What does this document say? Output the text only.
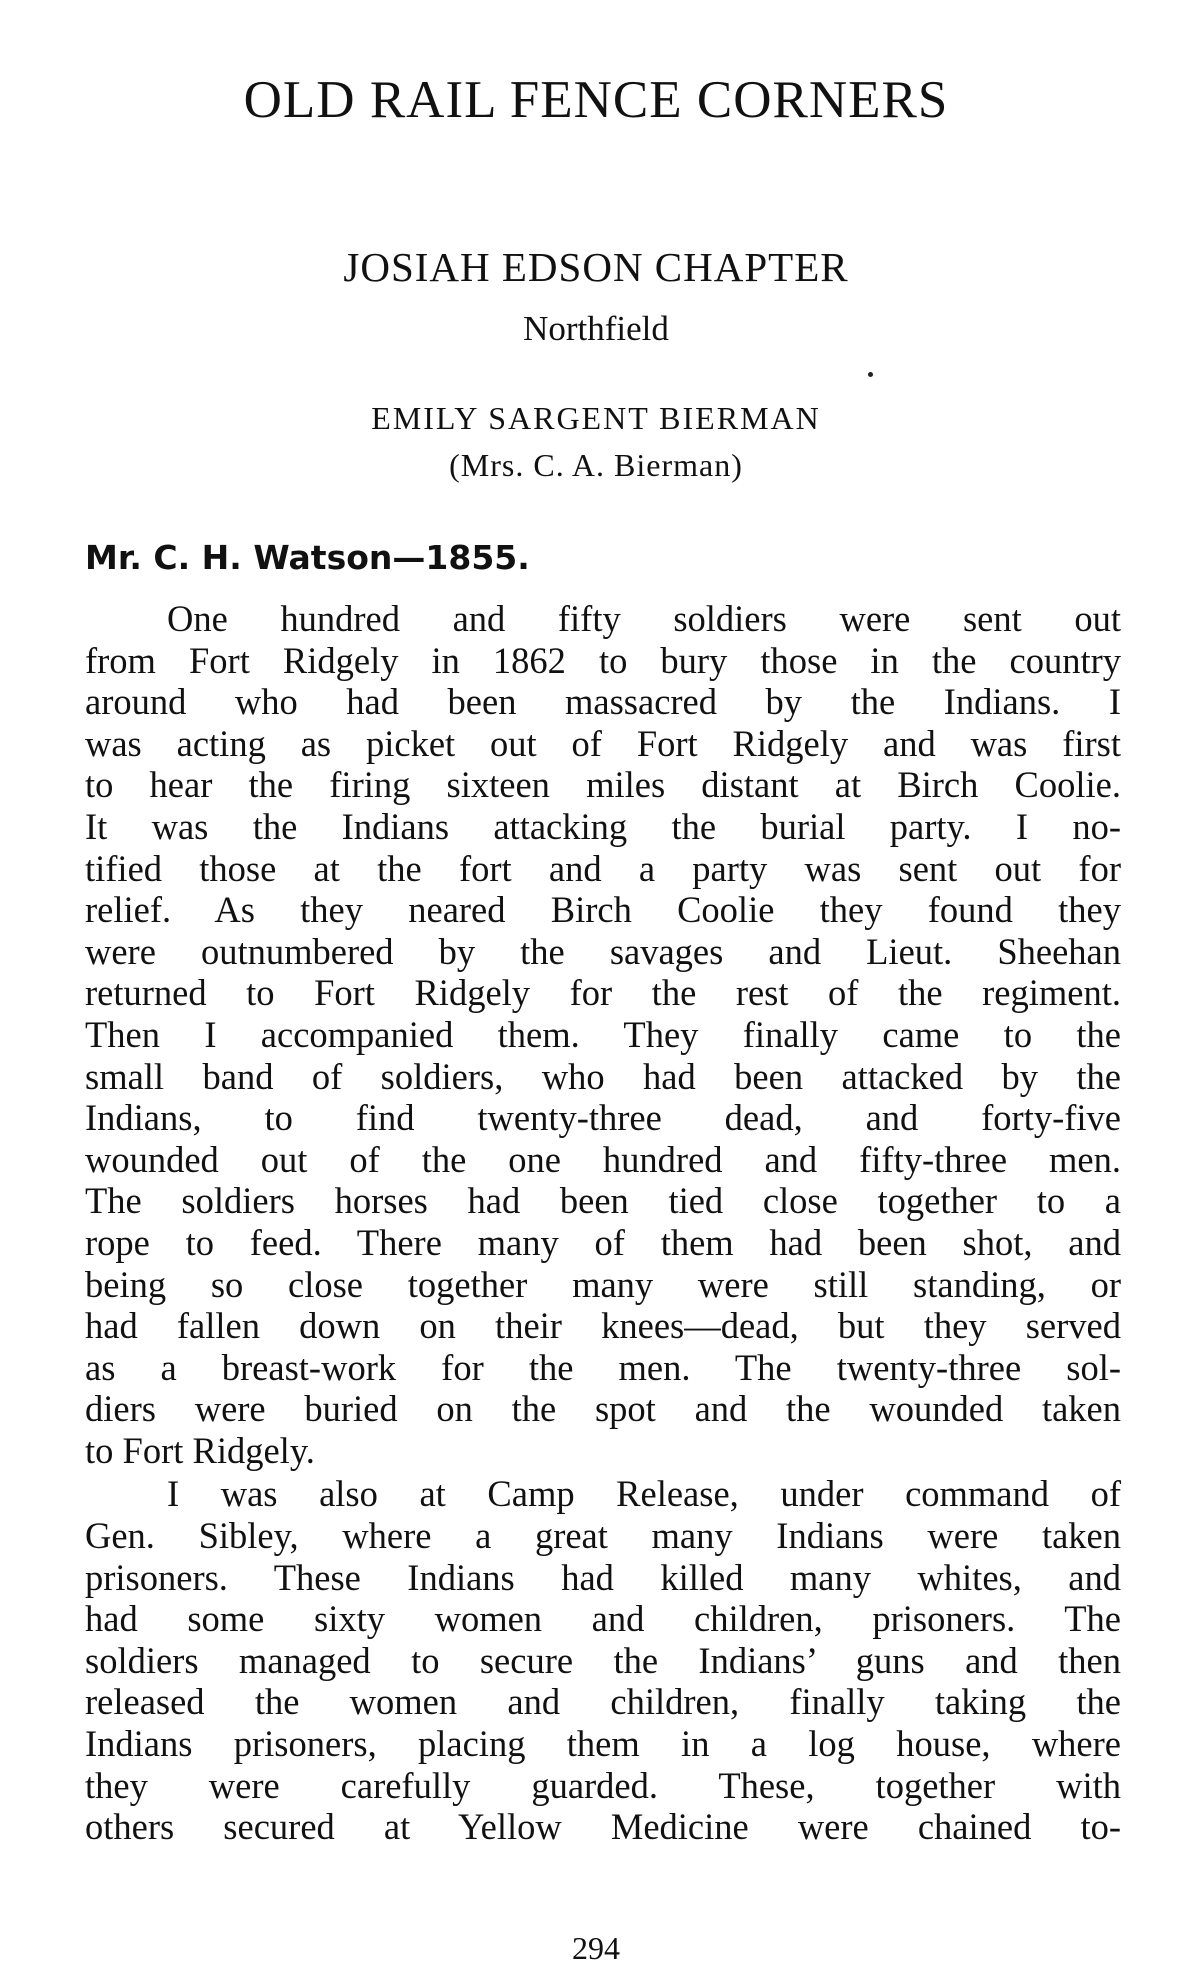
OLD RAIL FENCE CORNERS
JOSIAH EDSON CHAPTER
Northfield
EMILY SARGENT BIERMAN
(Mrs. C. A. Bierman)
Mr. C. H. Watson—1855.

One hundred and fifty soldiers were sent out
from Fort Ridgely in 1862 to bury those in the country
around who had been massacred by the Indians. I
was acting as picket out of Fort Ridgely and was first
to hear the firing sixteen miles distant at Birch Coolie.
It was the Indians attacking the burial party. I no-
tified those at the fort and a party was sent out for
relief. As they neared Birch Coolie they found they
were outnumbered by the savages and Lieut. Sheehan
returned to Fort Ridgely for the rest of the regiment.
Then I accompanied them. They finally came to the
small band of soldiers, who had been attacked by the
Indians, to find twenty-three dead, and forty-five
wounded out of the one hundred and fifty-three men.
The soldiers horses had been tied close together to a
rope to feed. There many of them had been shot, and
being so close together many were still standing, or
had fallen down on their knees—dead, but they served
as a breast-work for the men. The twenty-three sol-
diers were buried on the spot and the wounded taken
to Fort Ridgely.

I was also at Camp Release, under command of
Gen. Sibley, where a great many Indians were taken
prisoners. These Indians had killed many whites, and
had some sixty women and children, prisoners. The
soldiers managed to secure the Indians’ guns and then
released the women and children, finally taking the
Indians prisoners, placing them in a log house, where
they were carefully guarded. These, together with
others secured at Yellow Medicine were chained to-

294
